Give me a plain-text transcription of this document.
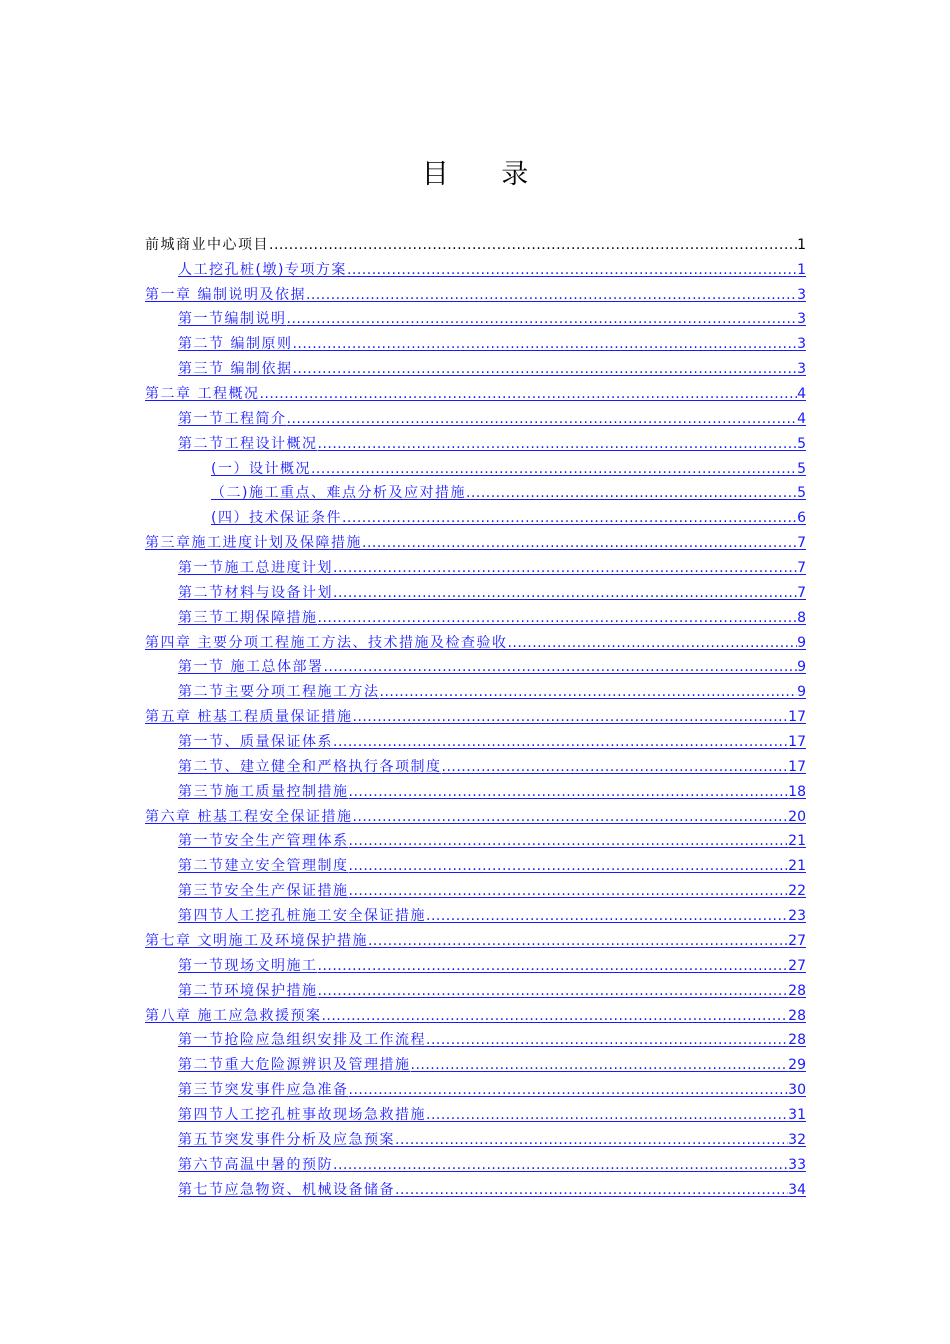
目 录
前城商业中心项目 .....	1
人工挖孔桩(墩)专项方案 .....	1
第一章 编制说明及依据 .....	3
第一节编制说明 .....	3
第二节 编制原则 .....	3
第三节 编制依据 .....	3
第二章 工程概况 .....	4
第一节工程简介 .....	4
第二节工程设计概况 .....	5
(一）设计概况 .....	5
（二)施工重点、难点分析及应对措施 .....	5
(四）技术保证条件 .....	6
第三章施工进度计划及保障措施 .....	7
第一节施工总进度计划 .....	7
第二节材料与设备计划 .....	7
第三节工期保障措施 .....	8
第四章 主要分项工程施工方法、技术措施及检查验收 .....	9
第一节 施工总体部署 .....	9
第二节主要分项工程施工方法 .....	9
第五章 桩基工程质量保证措施 .....	17
第一节、质量保证体系 .....	17
第二节、建立健全和严格执行各项制度 .....	17
第三节施工质量控制措施 .....	18
第六章 桩基工程安全保证措施 .....	20
第一节安全生产管理体系 .....	21
第二节建立安全管理制度 .....	21
第三节安全生产保证措施 .....	22
第四节人工挖孔桩施工安全保证措施 .....	23
第七章 文明施工及环境保护措施 .....	27
第一节现场文明施工 .....	27
第二节环境保护措施 .....	28
第八章 施工应急救援预案 .....	28
第一节抢险应急组织安排及工作流程 .....	28
第二节重大危险源辨识及管理措施 .....	29
第三节突发事件应急准备 .....	30
第四节人工挖孔桩事故现场急救措施 .....	31
第五节突发事件分析及应急预案 .....	32
第六节高温中暑的预防 .....	33
第七节应急物资、机械设备储备 .....	34
